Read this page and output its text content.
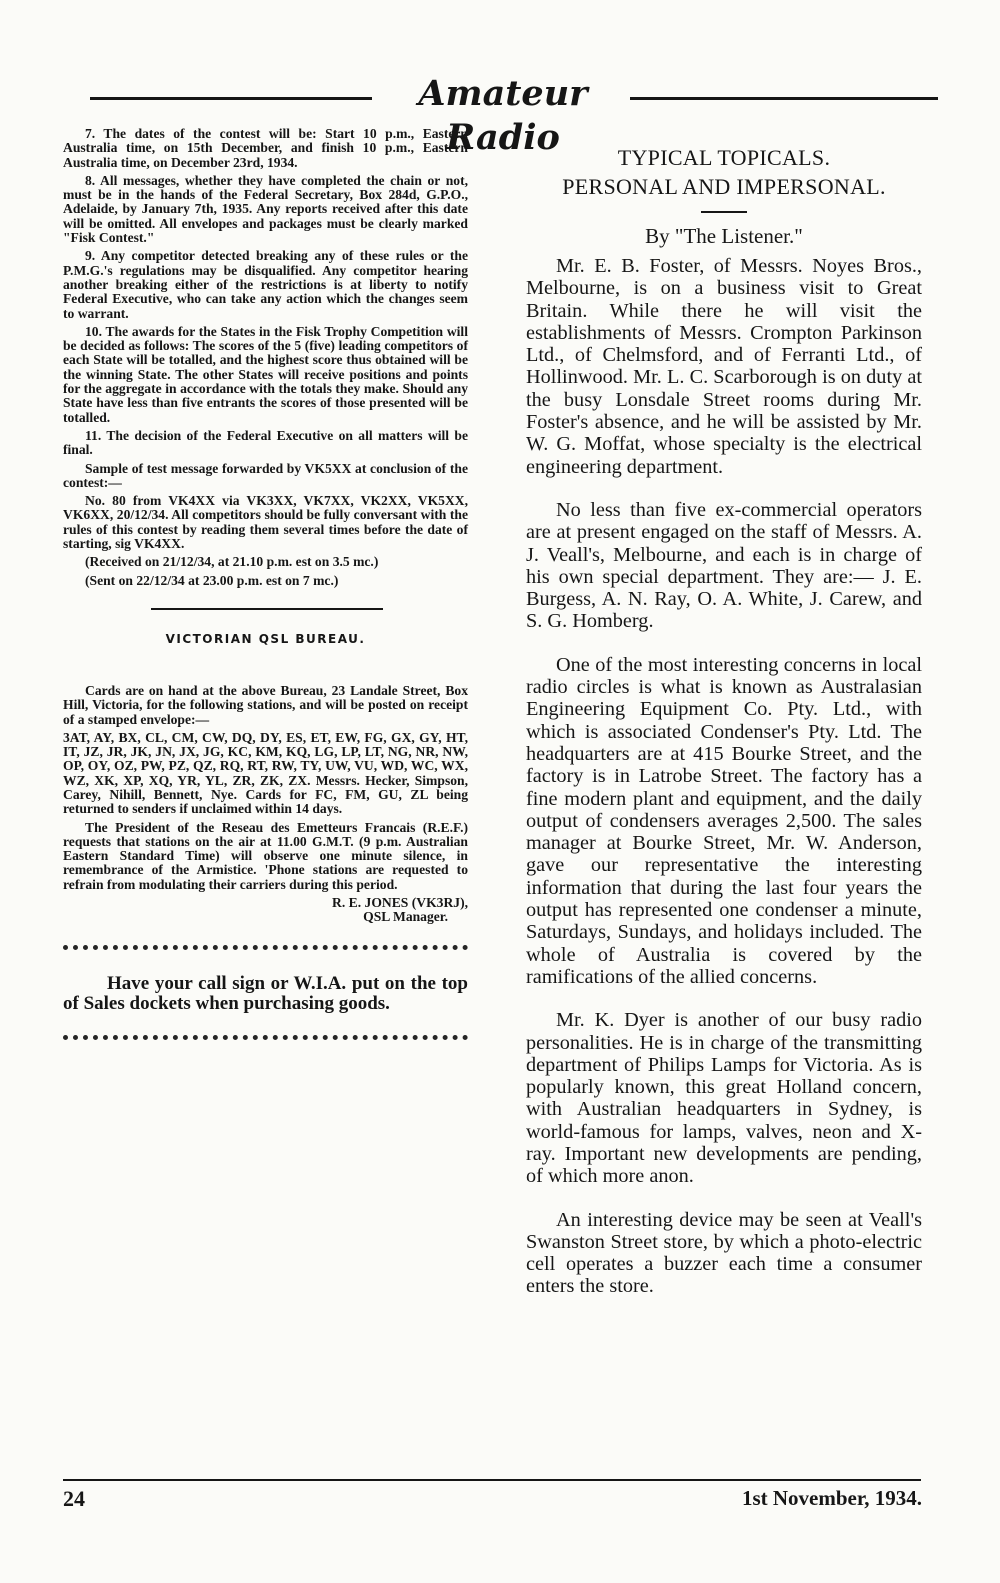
Amateur Radio

7. The dates of the contest will be: Start 10 p.m., Eastern Australia time, on 15th December, and finish 10 p.m., Eastern Australia time, on December 23rd, 1934.

8. All messages, whether they have completed the chain or not, must be in the hands of the Federal Secretary, Box 284d, G.P.O., Adelaide, by January 7th, 1935. Any reports received after this date will be omitted. All envelopes and packages must be clearly marked "Fisk Contest."

9. Any competitor detected breaking any of these rules or the P.M.G.'s regulations may be disqualified. Any competitor hearing another breaking either of the restrictions is at liberty to notify Federal Executive, who can take any action which the changes seem to warrant.

10. The awards for the States in the Fisk Trophy Competition will be decided as follows: The scores of the 5 (five) leading competitors of each State will be totalled, and the highest score thus obtained will be the winning State. The other States will receive positions and points for the aggregate in accordance with the totals they make. Should any State have less than five entrants the scores of those presented will be totalled.

11. The decision of the Federal Executive on all matters will be final.

Sample of test message forwarded by VK5XX at conclusion of the contest:—

No. 80 from VK4XX via VK3XX, VK7XX, VK2XX, VK5XX, VK6XX, 20/12/34. All competitors should be fully conversant with the rules of this contest by reading them several times before the date of starting, sig VK4XX.

(Received on 21/12/34, at 21.10 p.m. est on 3.5 mc.)

(Sent on 22/12/34 at 23.00 p.m. est on 7 mc.)

VICTORIAN QSL BUREAU.

Cards are on hand at the above Bureau, 23 Landale Street, Box Hill, Victoria, for the following stations, and will be posted on receipt of a stamped envelope:—

3AT, AY, BX, CL, CM, CW, DQ, DY, ES, ET, EW, FG, GX, GY, HT, IT, JZ, JR, JK, JN, JX, JG, KC, KM, KQ, LG, LP, LT, NG, NR, NW, OP, OY, OZ, PW, PZ, QZ, RQ, RT, RW, TY, UW, VU, WD, WC, WX, WZ, XK, XP, XQ, YR, YL, ZR, ZK, ZX. Messrs. Hecker, Simpson, Carey, Nihill, Bennett, Nye. Cards for FC, FM, GU, ZL being returned to senders if unclaimed within 14 days.

The President of the Reseau des Emetteurs Francais (R.E.F.) requests that stations on the air at 11.00 G.M.T. (9 p.m. Australian Eastern Standard Time) will observe one minute silence, in remembrance of the Armistice. 'Phone stations are requested to refrain from modulating their carriers during this period.

R. E. JONES (VK3RJ),

QSL Manager.

Have your call sign or W.I.A. put on the top of Sales dockets when purchasing goods.

TYPICAL TOPICALS.

PERSONAL AND IMPERSONAL.

By "The Listener."

Mr. E. B. Foster, of Messrs. Noyes Bros., Melbourne, is on a business visit to Great Britain. While there he will visit the establishments of Messrs. Crompton Parkinson Ltd., of Chelmsford, and of Ferranti Ltd., of Hollinwood. Mr. L. C. Scarborough is on duty at the busy Lonsdale Street rooms during Mr. Foster's absence, and he will be assisted by Mr. W. G. Moffat, whose specialty is the electrical engineering department.

No less than five ex-commercial operators are at present engaged on the staff of Messrs. A. J. Veall's, Melbourne, and each is in charge of his own special department. They are:— J. E. Burgess, A. N. Ray, O. A. White, J. Carew, and S. G. Homberg.

One of the most interesting concerns in local radio circles is what is known as Australasian Engineering Equipment Co. Pty. Ltd., with which is associated Condenser's Pty. Ltd. The headquarters are at 415 Bourke Street, and the factory is in Latrobe Street. The factory has a fine modern plant and equipment, and the daily output of condensers averages 2,500. The sales manager at Bourke Street, Mr. W. Anderson, gave our representative the interesting information that during the last four years the output has represented one condenser a minute, Saturdays, Sundays, and holidays included. The whole of Australia is covered by the ramifications of the allied concerns.

Mr. K. Dyer is another of our busy radio personalities. He is in charge of the transmitting department of Philips Lamps for Victoria. As is popularly known, this great Holland concern, with Australian headquarters in Sydney, is world-famous for lamps, valves, neon and X-ray. Important new developments are pending, of which more anon.

An interesting device may be seen at Veall's Swanston Street store, by which a photo-electric cell operates a buzzer each time a consumer enters the store.

24	1st November, 1934.
